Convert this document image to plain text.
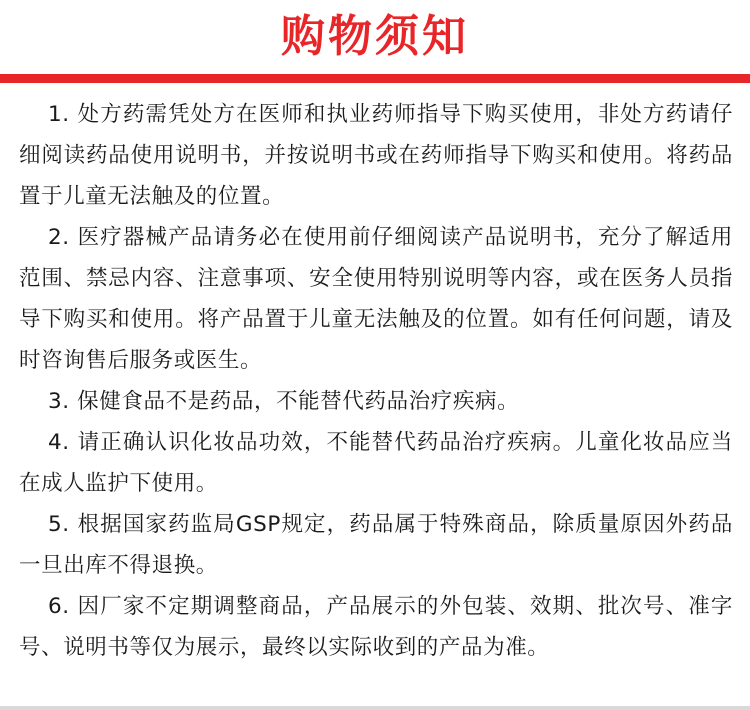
购物须知

1. 处方药需凭处方在医师和执业药师指导下购买使用，非处方药请仔细阅读药品使用说明书，并按说明书或在药师指导下购买和使用。将药品置于儿童无法触及的位置。

2. 医疗器械产品请务必在使用前仔细阅读产品说明书，充分了解适用范围、禁忌内容、注意事项、安全使用特别说明等内容，或在医务人员指导下购买和使用。将产品置于儿童无法触及的位置。如有任何问题，请及时咨询售后服务或医生。

3. 保健食品不是药品，不能替代药品治疗疾病。

4. 请正确认识化妆品功效，不能替代药品治疗疾病。儿童化妆品应当在成人监护下使用。

5. 根据国家药监局GSP规定，药品属于特殊商品，除质量原因外药品一旦出库不得退换。

6. 因厂家不定期调整商品，产品展示的外包装、效期、批次号、准字号、说明书等仅为展示，最终以实际收到的产品为准。
